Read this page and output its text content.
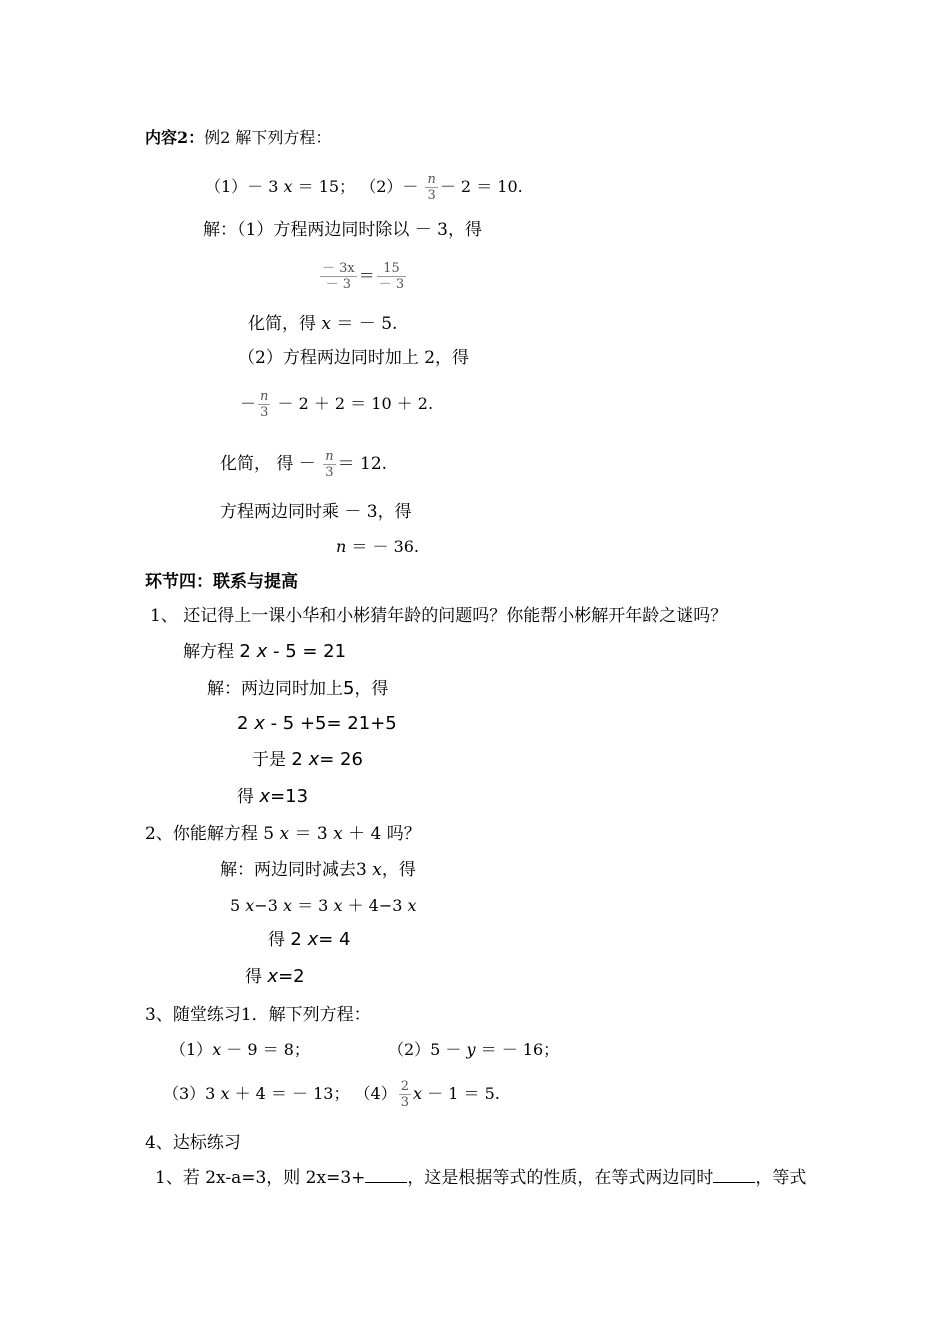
内容2：例2 解下列方程：
（1）－ 3 x ＝ 15； $(2)- \frac{n}{3} - 2 = 10$.
解：（1）方程两边同时除以 － 3，得
$\frac{- 3x}{- 3} = \frac{15}{- 3}$
化简，得 x ＝ － 5.
（2）方程两边同时加上 2，得
－ $\frac{n}{3} - 2 + 2 = 10 + 2$.
化简， 得 － $\frac{n}{3} = 12$.
方程两边同时乘 － 3，得
n ＝ － 36.
环节四：联系与提高
1、 还记得上一课小华和小彬猜年龄的问题吗？你能帮小彬解开年龄之谜吗？
解方程 2 x - 5 = 21
解：两边同时加上5，得
2 x - 5 +5= 21+5
于是 2 x= 26
得 x=13
2、你能解方程 5 x ＝ 3 x ＋ 4 吗？
解：两边同时减去3 x，得
5 x−3 x ＝ 3 x ＋ 4−3 x
得 2 x= 4
得 x=2
3、随堂练习1．解下列方程：
（1）x － 9 ＝ 8；	（2）5 － y ＝ － 16；
（3）3 x ＋ 4 ＝ － 13； $(4) \frac{2}{3}$ x － 1 ＝ 5.
4、达标练习
1、若 2x-a=3，则 2x=3+ ，这是根据等式的性质，在等式两边同时 ，等式
